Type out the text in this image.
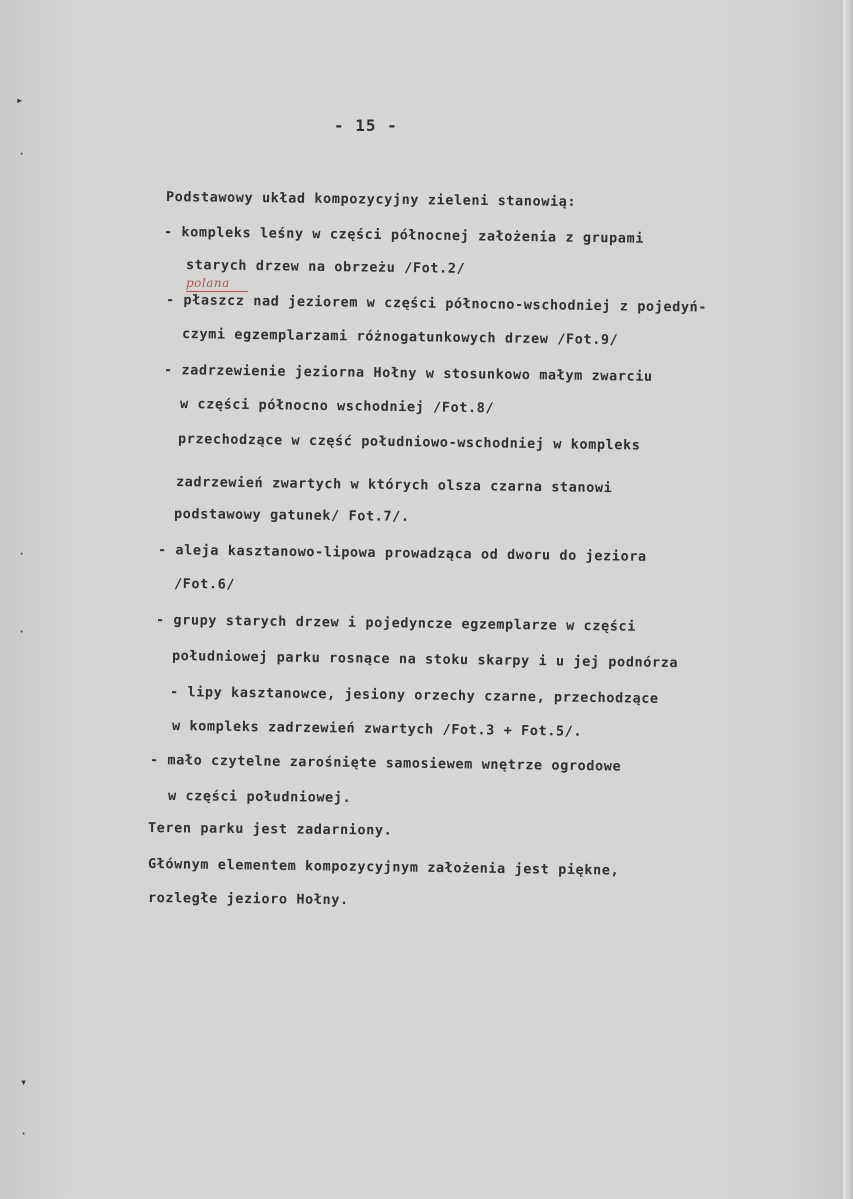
▸
·
·
·
▾
·
- 15 -
polana
Podstawowy układ kompozycyjny zieleni stanowią:
- kompleks leśny w części północnej założenia z grupami
starych drzew na obrzeżu /Fot.2/
- płaszcz nad jeziorem w części północno-wschodniej z pojedyń-
czymi egzemplarzami różnogatunkowych drzew /Fot.9/
- zadrzewienie jeziorna Hołny w stosunkowo małym zwarciu
w części północno wschodniej /Fot.8/
przechodzące w część południowo-wschodniej w kompleks
zadrzewień zwartych w których olsza czarna stanowi
podstawowy gatunek/ Fot.7/.
- aleja kasztanowo-lipowa prowadząca od dworu do jeziora
/Fot.6/
- grupy starych drzew i pojedyncze egzemplarze w części
południowej parku rosnące na stoku skarpy i u jej podnórza
- lipy kasztanowce, jesiony orzechy czarne, przechodzące
w kompleks zadrzewień zwartych /Fot.3 + Fot.5/.
- mało czytelne zarośnięte samosiewem wnętrze ogrodowe
w części południowej.
Teren parku jest zadarniony.
Głównym elementem kompozycyjnym założenia jest piękne,
rozległe jezioro Hołny.
